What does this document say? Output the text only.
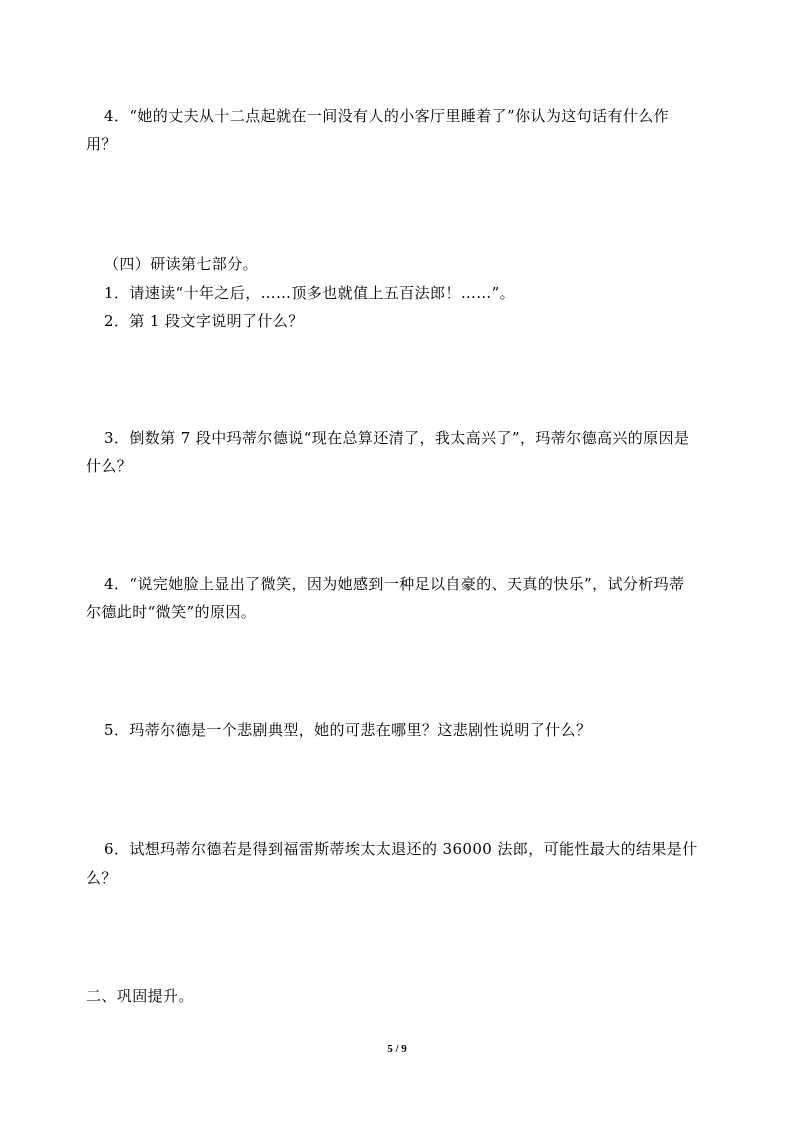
4．“她的丈夫从十二点起就在一间没有人的小客厅里睡着了”你认为这句话有什么作
用？
（四）研读第七部分。
1．请速读“十年之后，……顶多也就值上五百法郎！……”。
2．第 1 段文字说明了什么？
3．倒数第 7 段中玛蒂尔德说“现在总算还清了，我太高兴了”，玛蒂尔德高兴的原因是
什么？
4．“说完她脸上显出了微笑，因为她感到一种足以自豪的、天真的快乐”，试分析玛蒂
尔德此时“微笑”的原因。
5．玛蒂尔德是一个悲剧典型，她的可悲在哪里？这悲剧性说明了什么？
6．试想玛蒂尔德若是得到福雷斯蒂埃太太退还的 36000 法郎，可能性最大的结果是什
么？
二、巩固提升。
5 / 9
